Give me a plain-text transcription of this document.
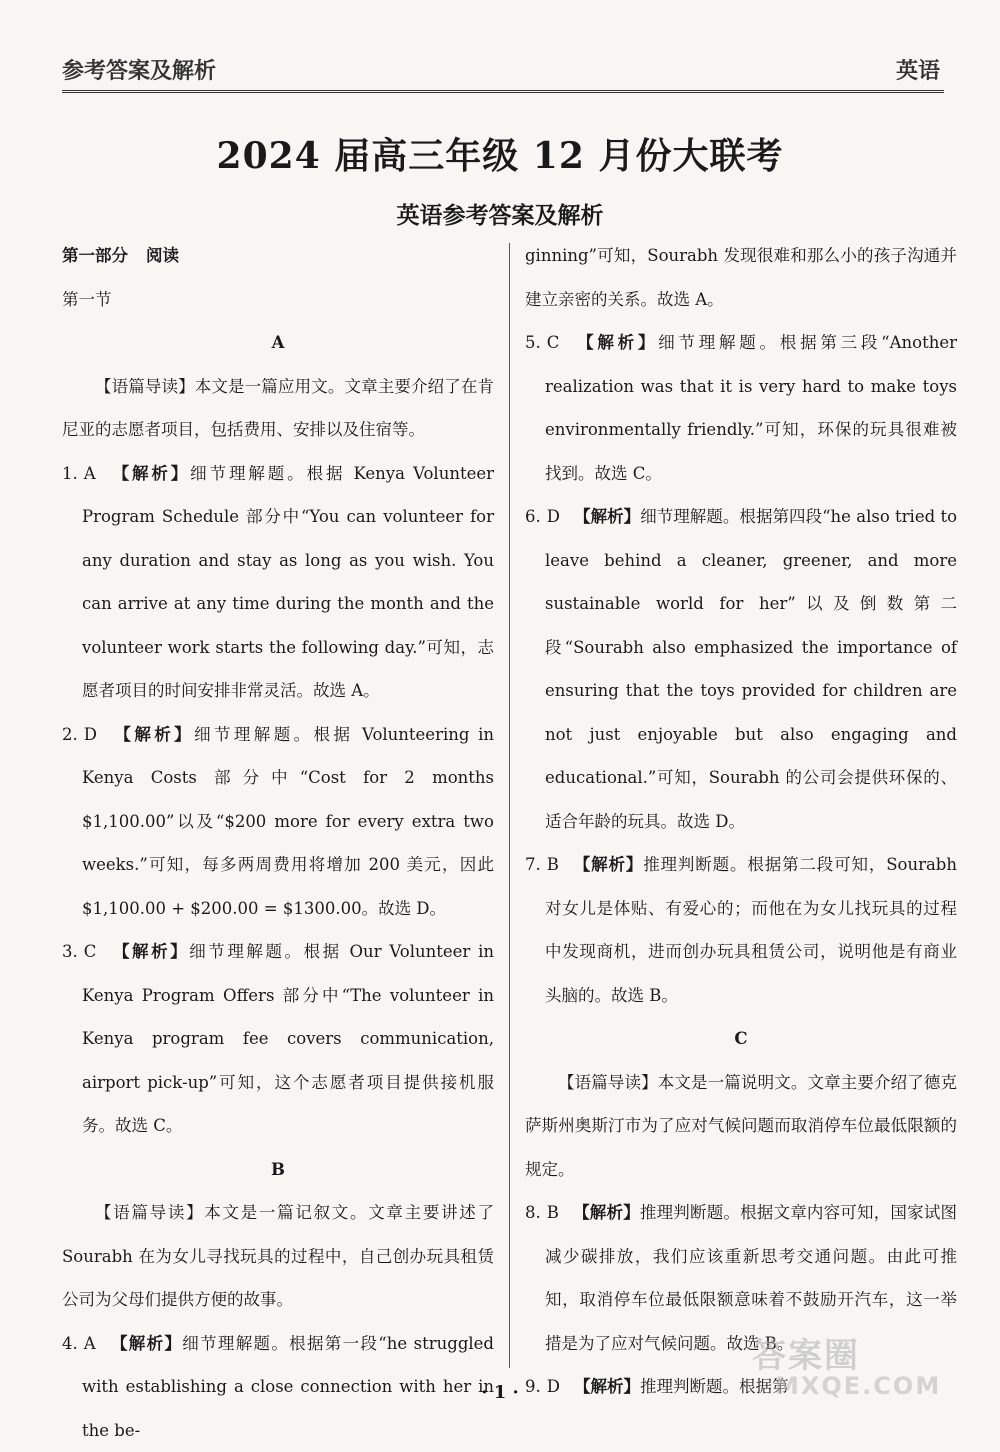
参考答案及解析	英语
2024 届高三年级 12 月份大联考
英语参考答案及解析

第一部分 阅读

第一节

A

【语篇导读】本文是一篇应用文。文章主要介绍了在肯尼亚的志愿者项目，包括费用、安排以及住宿等。

1. A 【解析】细节理解题。根据 Kenya Volunteer Program Schedule 部分中“You can volunteer for any duration and stay as long as you wish. You can arrive at any time during the month and the volunteer work starts the following day.”可知，志愿者项目的时间安排非常灵活。故选 A。

2. D 【解析】细节理解题。根据 Volunteering in Kenya Costs 部分中“Cost for 2 months $1,100.00”以及“$200 more for every extra two weeks.”可知，每多两周费用将增加 200 美元，因此 $1,100.00 + $200.00 = $1300.00。故选 D。

3. C 【解析】细节理解题。根据 Our Volunteer in Kenya Program Offers 部分中“The volunteer in Kenya program fee covers communication, airport pick-up”可知，这个志愿者项目提供接机服务。故选 C。

B

【语篇导读】本文是一篇记叙文。文章主要讲述了 Sourabh 在为女儿寻找玩具的过程中，自己创办玩具租赁公司为父母们提供方便的故事。

4. A 【解析】细节理解题。根据第一段“he struggled with establishing a close connection with her in the be-

ginning”可知，Sourabh 发现很难和那么小的孩子沟通并建立亲密的关系。故选 A。

5. C 【解析】细节理解题。根据第三段“Another realization was that it is very hard to make toys environmentally friendly.”可知，环保的玩具很难被找到。故选 C。

6. D 【解析】细节理解题。根据第四段“he also tried to leave behind a cleaner, greener, and more sustainable world for her”以及倒数第二段“Sourabh also emphasized the importance of ensuring that the toys provided for children are not just enjoyable but also engaging and educational.”可知，Sourabh 的公司会提供环保的、适合年龄的玩具。故选 D。

7. B 【解析】推理判断题。根据第二段可知，Sourabh 对女儿是体贴、有爱心的；而他在为女儿找玩具的过程中发现商机，进而创办玩具租赁公司，说明他是有商业头脑的。故选 B。

C

【语篇导读】本文是一篇说明文。文章主要介绍了德克萨斯州奥斯汀市为了应对气候问题而取消停车位最低限额的规定。

8. B 【解析】推理判断题。根据文章内容可知，国家试图减少碳排放，我们应该重新思考交通问题。由此可推知，取消停车位最低限额意味着不鼓励开汽车，这一举措是为了应对气候问题。故选 B。

9. D 【解析】推理判断题。根据第

· 1 ·
答案圈
MXQE.COM
